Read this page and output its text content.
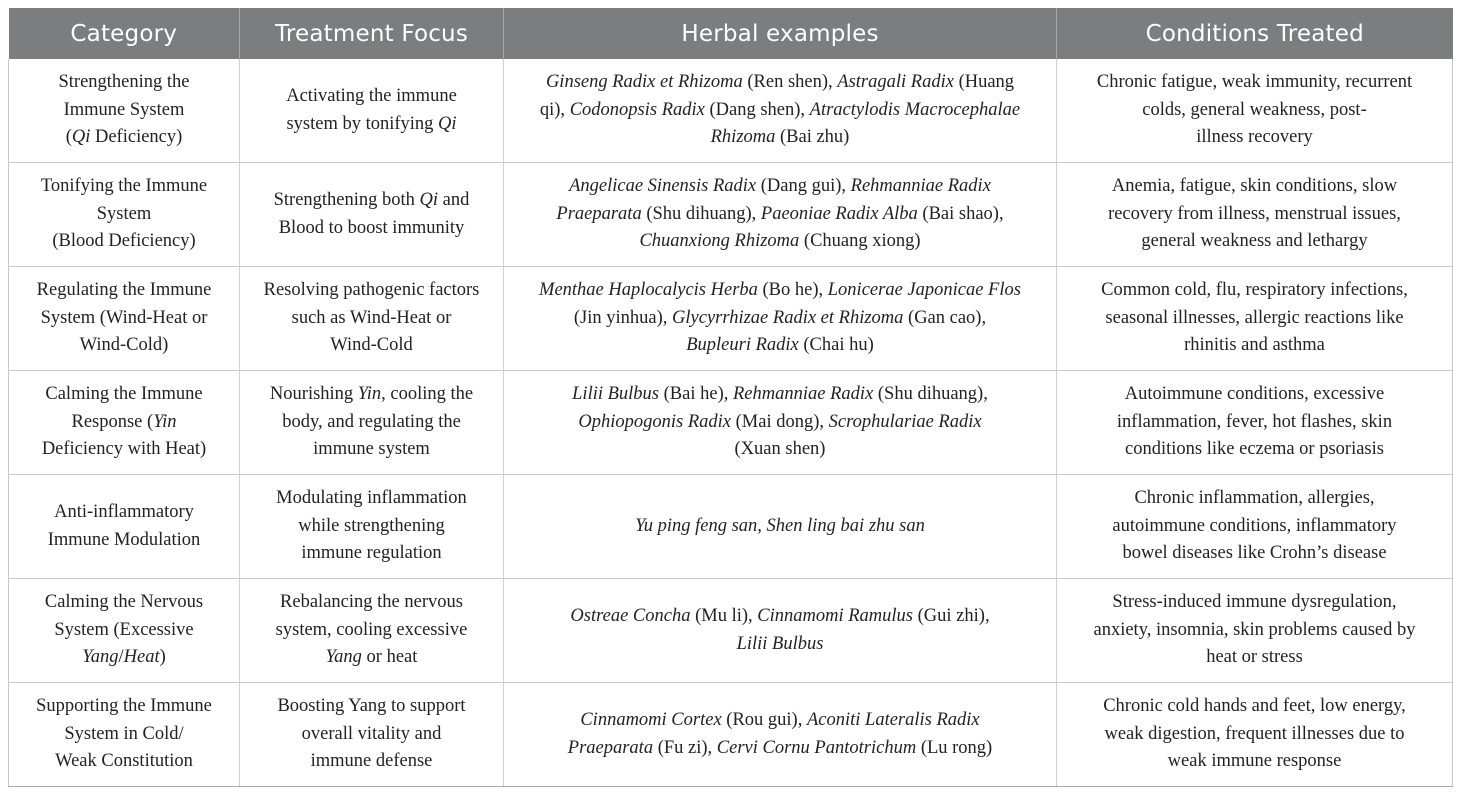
Category	Treatment Focus	Herbal examples	Conditions Treated

Strengthening the
Immune System
(Qi Deficiency)	Activating the immune
system by tonifying Qi	Ginseng Radix et Rhizoma (Ren shen), Astragali Radix (Huang
qi), Codonopsis Radix (Dang shen), Atractylodis Macrocephalae
Rhizoma (Bai zhu)	Chronic fatigue, weak immunity, recurrent
colds, general weakness, post-
illness recovery

Tonifying the Immune
System
(Blood Deficiency)	Strengthening both Qi and
Blood to boost immunity	Angelicae Sinensis Radix (Dang gui), Rehmanniae Radix
Praeparata (Shu dihuang), Paeoniae Radix Alba (Bai shao),
Chuanxiong Rhizoma (Chuang xiong)	Anemia, fatigue, skin conditions, slow
recovery from illness, menstrual issues,
general weakness and lethargy

Regulating the Immune
System (Wind-Heat or
Wind-Cold)	Resolving pathogenic factors
such as Wind-Heat or
Wind-Cold	Menthae Haplocalycis Herba (Bo he), Lonicerae Japonicae Flos
(Jin yinhua), Glycyrrhizae Radix et Rhizoma (Gan cao),
Bupleuri Radix (Chai hu)	Common cold, flu, respiratory infections,
seasonal illnesses, allergic reactions like
rhinitis and asthma

Calming the Immune
Response (Yin
Deficiency with Heat)	Nourishing Yin, cooling the
body, and regulating the
immune system	Lilii Bulbus (Bai he), Rehmanniae Radix (Shu dihuang),
Ophiopogonis Radix (Mai dong), Scrophulariae Radix
(Xuan shen)	Autoimmune conditions, excessive
inflammation, fever, hot flashes, skin
conditions like eczema or psoriasis

Anti-inflammatory
Immune Modulation	Modulating inflammation
while strengthening
immune regulation	Yu ping feng san, Shen ling bai zhu san	Chronic inflammation, allergies,
autoimmune conditions, inflammatory
bowel diseases like Crohn’s disease

Calming the Nervous
System (Excessive
Yang/Heat)	Rebalancing the nervous
system, cooling excessive
Yang or heat	Ostreae Concha (Mu li), Cinnamomi Ramulus (Gui zhi),
Lilii Bulbus	Stress-induced immune dysregulation,
anxiety, insomnia, skin problems caused by
heat or stress

Supporting the Immune
System in Cold/
Weak Constitution	Boosting Yang to support
overall vitality and
immune defense	Cinnamomi Cortex (Rou gui), Aconiti Lateralis Radix
Praeparata (Fu zi), Cervi Cornu Pantotrichum (Lu rong)	Chronic cold hands and feet, low energy,
weak digestion, frequent illnesses due to
weak immune response
